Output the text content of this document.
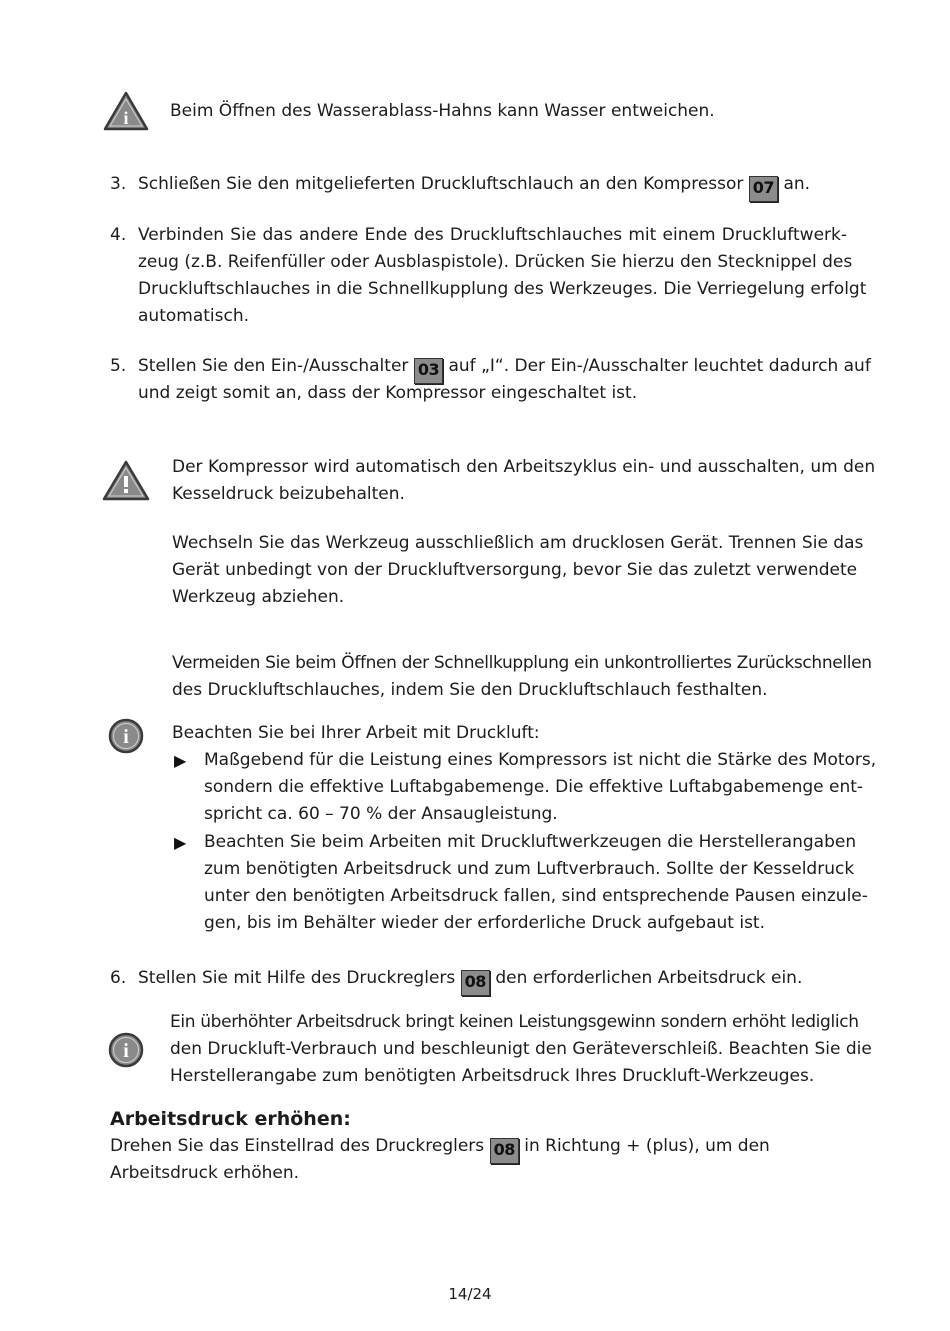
i Beim Öffnen des Wasserablass-Hahns kann Wasser entweichen.
3. Schließen Sie den mitgelieferten Druckluftschlauch an den Kompressor 07 an.
4. Verbinden Sie das andere Ende des Druckluftschlauches mit einem Druckluftwerk-
zeug (z.B. Reifenfüller oder Ausblaspistole). Drücken Sie hierzu den Stecknippel des
Druckluftschlauches in die Schnellkupplung des Werkzeuges. Die Verriegelung erfolgt
automatisch.
5. Stellen Sie den Ein-/Ausschalter 03 auf „I“. Der Ein-/Ausschalter leuchtet dadurch auf
und zeigt somit an, dass der Kompressor eingeschaltet ist.
Der Kompressor wird automatisch den Arbeitszyklus ein- und ausschalten, um den
Kesseldruck beizubehalten.
Wechseln Sie das Werkzeug ausschließlich am drucklosen Gerät. Trennen Sie das
Gerät unbedingt von der Druckluftversorgung, bevor Sie das zuletzt verwendete
Werkzeug abziehen.
Vermeiden Sie beim Öffnen der Schnellkupplung ein unkontrolliertes Zurückschnellen
des Druckluftschlauches, indem Sie den Druckluftschlauch festhalten.
i	Beachten Sie bei Ihrer Arbeit mit Druckluft:
▶ Maßgebend für die Leistung eines Kompressors ist nicht die Stärke des Motors,
sondern die effektive Luftabgabemenge. Die effektive Luftabgabemenge ent-
spricht ca. 60 – 70 % der Ansaugleistung.
▶ Beachten Sie beim Arbeiten mit Druckluftwerkzeugen die Herstellerangaben
zum benötigten Arbeitsdruck und zum Luftverbrauch. Sollte der Kesseldruck
unter den benötigten Arbeitsdruck fallen, sind entsprechende Pausen einzule-
gen, bis im Behälter wieder der erforderliche Druck aufgebaut ist.
6. Stellen Sie mit Hilfe des Druckreglers 08 den erforderlichen Arbeitsdruck ein.
i
Ein überhöhter Arbeitsdruck bringt keinen Leistungsgewinn sondern erhöht lediglich
den Druckluft-Verbrauch und beschleunigt den Geräteverschleiß. Beachten Sie die
Herstellerangabe zum benötigten Arbeitsdruck Ihres Druckluft-Werkzeuges.
Arbeitsdruck erhöhen:
Drehen Sie das Einstellrad des Druckreglers 08 in Richtung + (plus), um den
Arbeitsdruck erhöhen.
14/24
